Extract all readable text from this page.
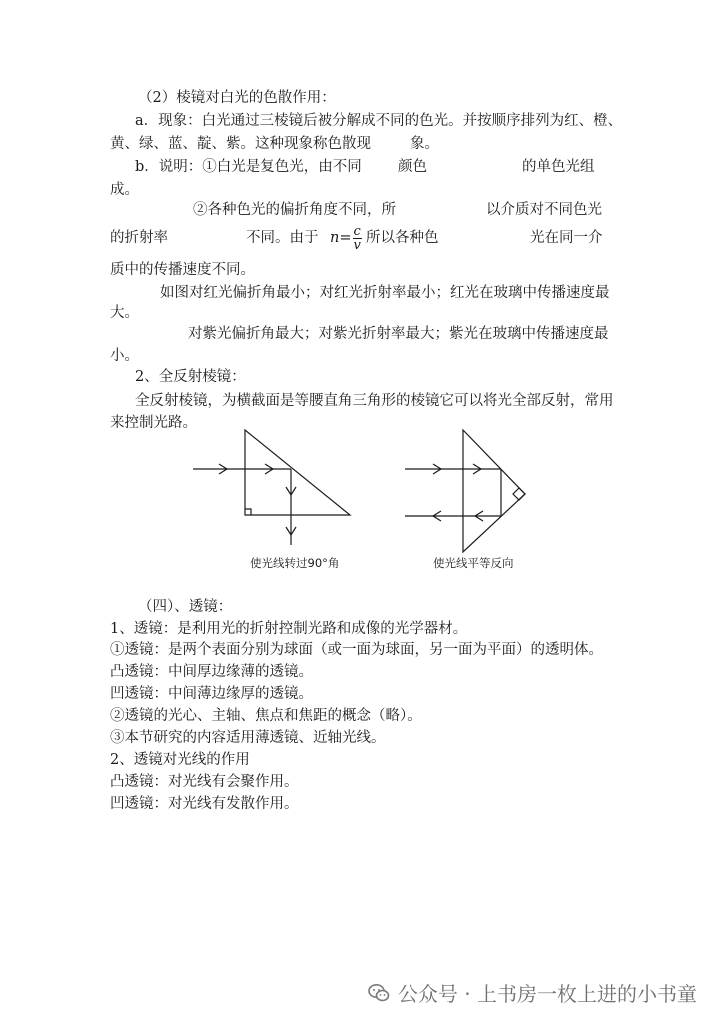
（2）棱镜对白光的色散作用：
a．现象：白光通过三棱镜后被分解成不同的色光。并按顺序排列为红、橙、
黄、绿、蓝、靛、紫。这种现象称色散现	象。
b．说明：①白光是复色光，由不同 颜色	的单色光组
成。
②各种色光的偏折角度不同，所	以介质对不同色光
的折射率	不同。由于 $n= \frac{c}{v}$ 所以各种色	光在同一介
质中的传播速度不同。
如图对红光偏折角最小；对红光折射率最小；红光在玻璃中传播速度最
大。
对紫光偏折角最大；对紫光折射率最大；紫光在玻璃中传播速度最
小。
2、全反射棱镜：
全反射棱镜，为横截面是等腰直角三角形的棱镜它可以将光全部反射，常用
来控制光路。
使光线转过90°角	使光线平等反向
（四）、透镜：
1、透镜：是利用光的折射控制光路和成像的光学器材。
①透镜：是两个表面分别为球面（或一面为球面，另一面为平面）的透明体。
凸透镜：中间厚边缘薄的透镜。
凹透镜：中间薄边缘厚的透镜。
②透镜的光心、主轴、焦点和焦距的概念（略）。
③本节研究的内容适用薄透镜、近轴光线。
2、透镜对光线的作用
凸透镜：对光线有会聚作用。
凹透镜：对光线有发散作用。
公众号 · 上书房一枚上进的小书童
